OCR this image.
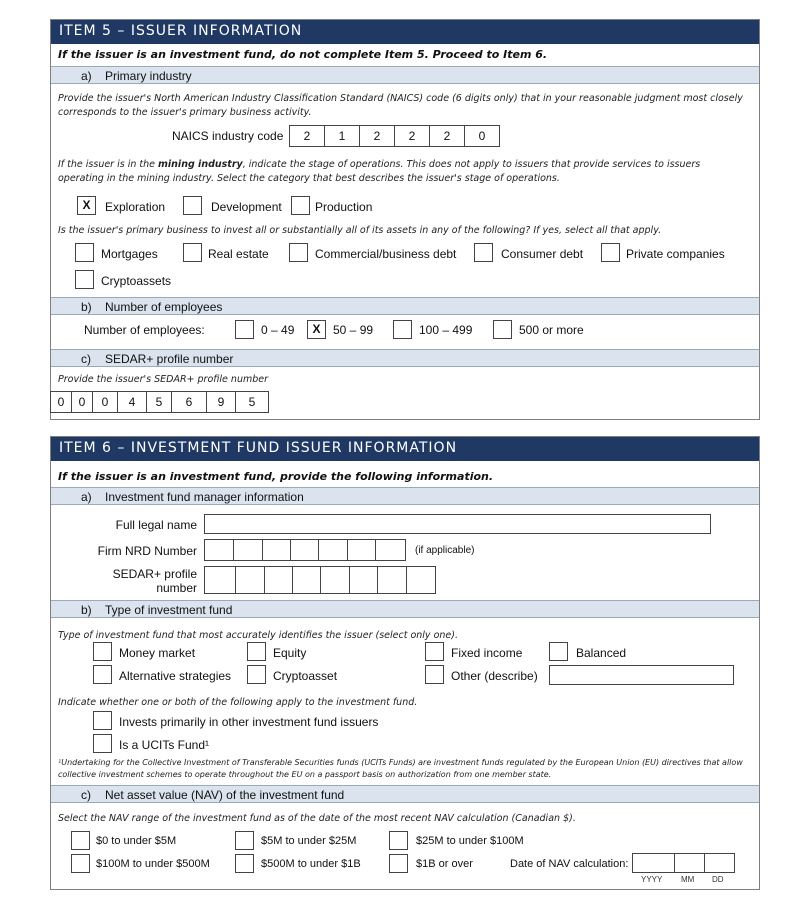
ITEM 5 – ISSUER INFORMATION
If the issuer is an investment fund, do not complete Item 5. Proceed to Item 6.
a) Primary industry
Provide the issuer's North American Industry Classification Standard (NAICS) code (6 digits only) that in your reasonable judgment most closely corresponds to the issuer's primary business activity.
NAICS industry code	2	1	2	2	2	0
If the issuer is in the mining industry, indicate the stage of operations. This does not apply to issuers that provide services to issuers operating in the mining industry. Select the category that best describes the issuer's stage of operations.
X	Exploration	Development	Production
Is the issuer's primary business to invest all or substantially all of its assets in any of the following? If yes, select all that apply.
Mortgages	Real estate	Commercial/business debt	Consumer debt	Private companies
Cryptoassets
b) Number of employees
Number of employees:	0 – 49	X	50 – 99	100 – 499	500 or more
c) SEDAR+ profile number
Provide the issuer's SEDAR+ profile number
0	0	0	4	5	6	9	5
ITEM 6 – INVESTMENT FUND ISSUER INFORMATION
If the issuer is an investment fund, provide the following information.
a) Investment fund manager information
Full legal name
Firm NRD Number	(if applicable)
SEDAR+ profile
number
b) Type of investment fund
Type of investment fund that most accurately identifies the issuer (select only one).
Money market	Equity	Fixed income	Balanced
Alternative strategies	Cryptoasset	Other (describe)
Indicate whether one or both of the following apply to the investment fund.
Invests primarily in other investment fund issuers
Is a UCITs Fund¹
¹Undertaking for the Collective Investment of Transferable Securities funds (UCITs Funds) are investment funds regulated by the European Union (EU) directives that allow collective investment schemes to operate throughout the EU on a passport basis on authorization from one member state.
c) Net asset value (NAV) of the investment fund
Select the NAV range of the investment fund as of the date of the most recent NAV calculation (Canadian $).
$0 to under $5M	$5M to under $25M	$25M to under $100M
$100M to under $500M	$500M to under $1B	$1B or over	Date of NAV calculation:
YYYY MM DD
